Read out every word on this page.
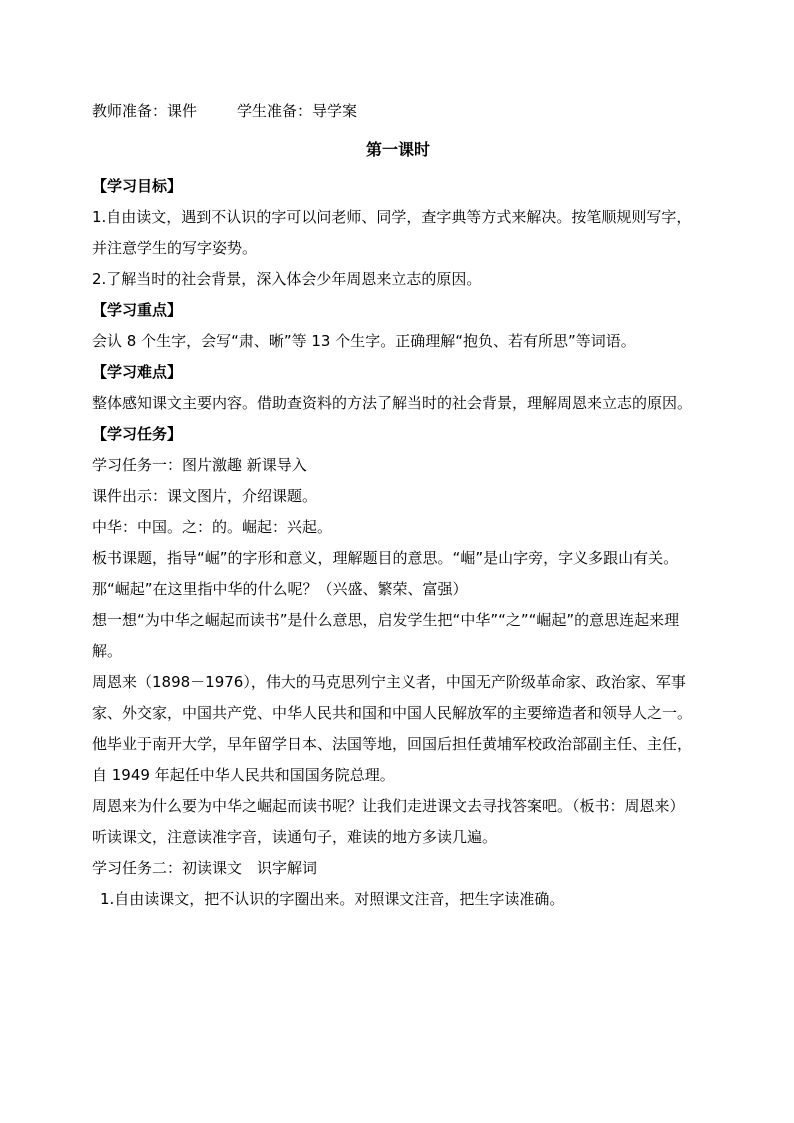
教师准备：课件	学生准备：导学案

第一课时

【学习目标】

1.自由读文，遇到不认识的字可以问老师、同学，查字典等方式来解决。按笔顺规则写字，并注意学生的写字姿势。

2.了解当时的社会背景，深入体会少年周恩来立志的原因。

【学习重点】

会认 8 个生字，会写“肃、晰”等 13 个生字。正确理解“抱负、若有所思”等词语。

【学习难点】

整体感知课文主要内容。借助查资料的方法了解当时的社会背景，理解周恩来立志的原因。

【学习任务】

学习任务一：图片激趣 新课导入

课件出示：课文图片，介绍课题。

中华：中国。之：的。崛起：兴起。

板书课题，指导“崛”的字形和意义，理解题目的意思。“崛”是山字旁，字义多跟山有关。那“崛起”在这里指中华的什么呢？（兴盛、繁荣、富强）

想一想“为中华之崛起而读书”是什么意思，启发学生把“中华”“之”“崛起”的意思连起来理解。

周恩来（1898－1976），伟大的马克思列宁主义者，中国无产阶级革命家、政治家、军事家、外交家，中国共产党、中华人民共和国和中国人民解放军的主要缔造者和领导人之一。他毕业于南开大学，早年留学日本、法国等地，回国后担任黄埔军校政治部副主任、主任，自 1949 年起任中华人民共和国国务院总理。

周恩来为什么要为中华之崛起而读书呢？让我们走进课文去寻找答案吧。（板书：周恩来）

听读课文，注意读准字音，读通句子，难读的地方多读几遍。

学习任务二：初读课文　识字解词

1.自由读课文，把不认识的字圈出来。对照课文注音，把生字读准确。
